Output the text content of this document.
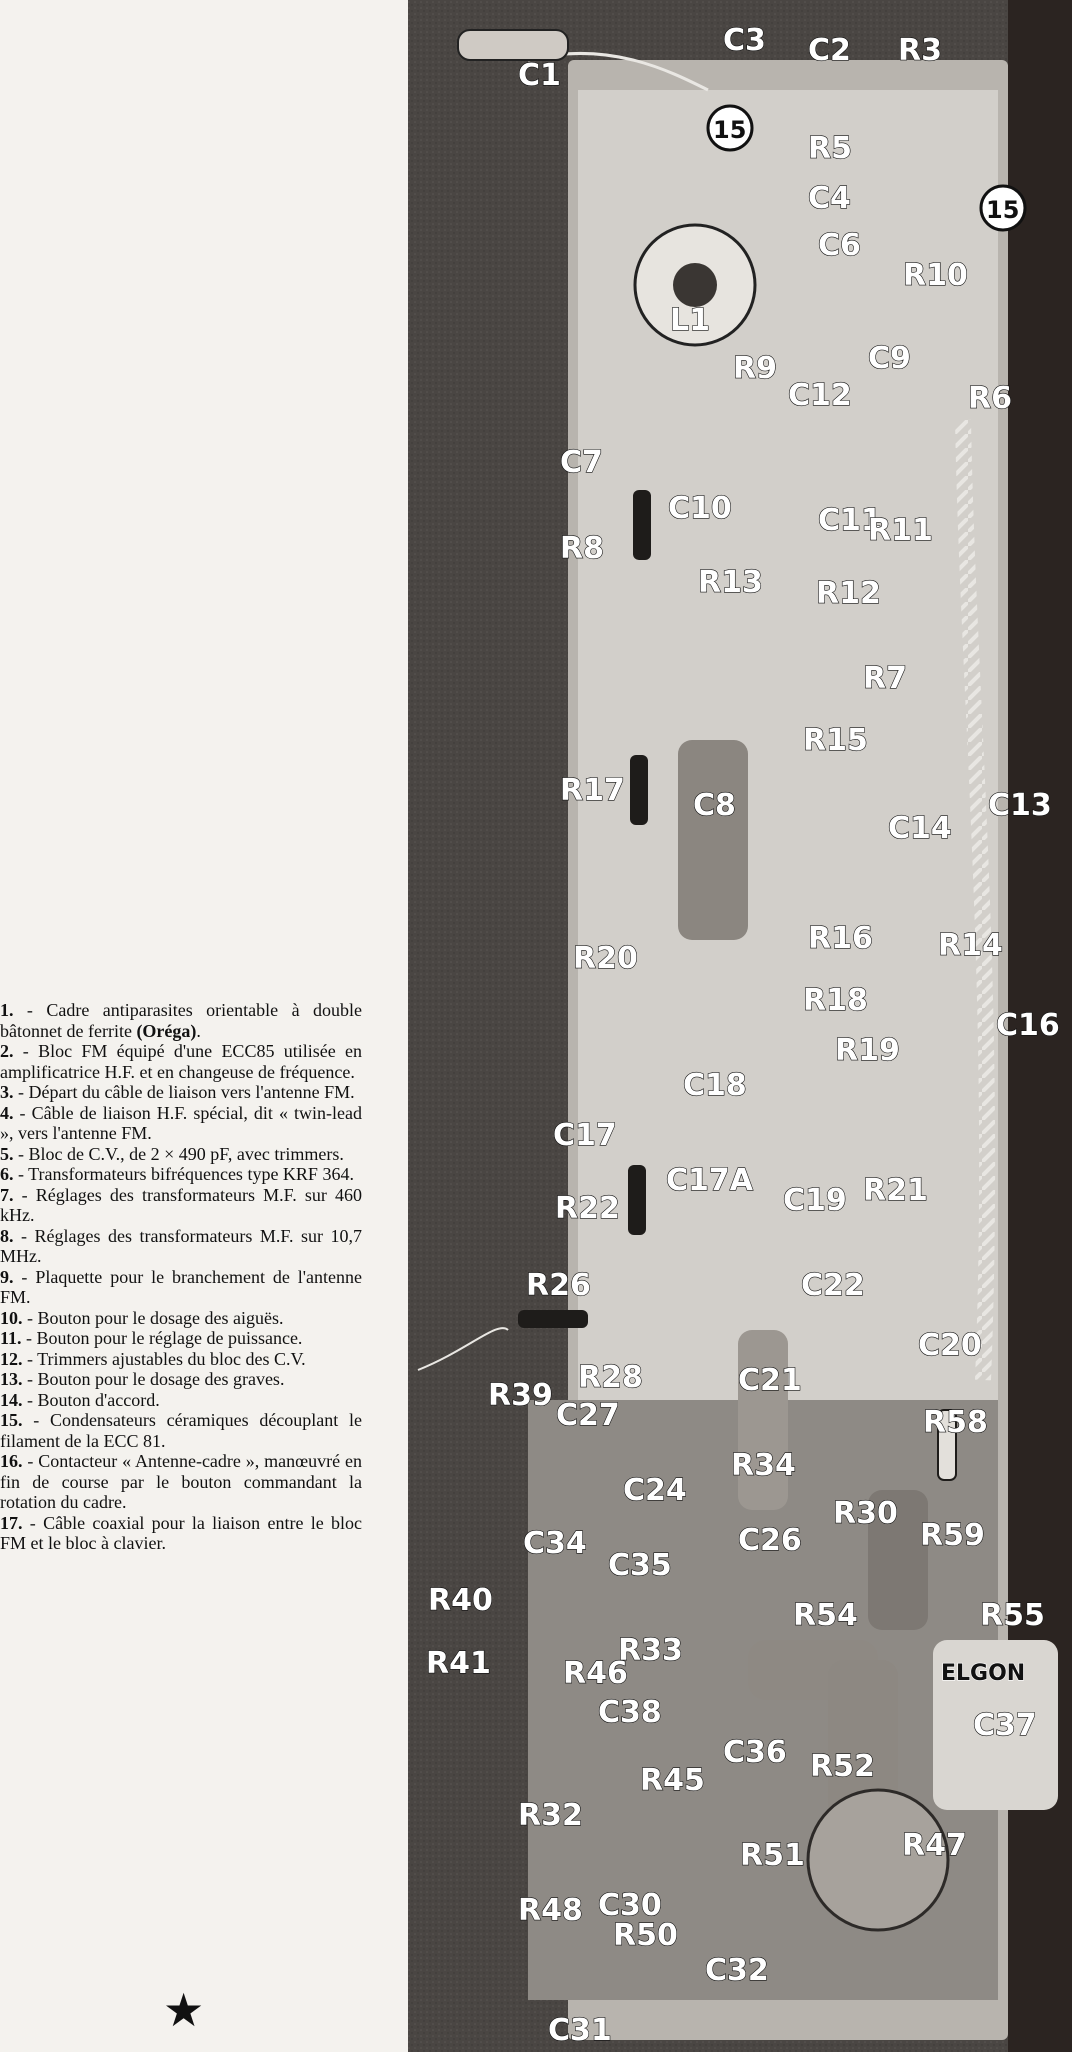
1. - Cadre antiparasites orientable à double bâtonnet de ferrite (Oréga).
2. - Bloc FM équipé d'une ECC85 utilisée en amplificatrice H.F. et en changeuse de fréquence.
3. - Départ du câble de liaison vers l'antenne FM.
4. - Câble de liaison H.F. spécial, dit « twin-lead », vers l'antenne FM.
5. - Bloc de C.V., de 2 × 490 pF, avec trimmers.
6. - Transformateurs bifréquences type KRF 364.
7. - Réglages des transformateurs M.F. sur 460 kHz.
8. - Réglages des transformateurs M.F. sur 10,7 MHz.
9. - Plaquette pour le branchement de l'antenne FM.
10. - Bouton pour le dosage des aiguës.
11. - Bouton pour le réglage de puissance.
12. - Trimmers ajustables du bloc des C.V.
13. - Bouton pour le dosage des graves.
14. - Bouton d'accord.
15. - Condensateurs céramiques découplant le filament de la ECC 81.
16. - Contacteur « Antenne-cadre », manœuvré en fin de course par le bouton commandant la rotation du cadre.
17. - Câble coaxial pour la liaison entre le bloc FM et le bloc à clavier.
★
ELGON
C1
C3 C2 R3
15
R5
C4	15
C6
R10
L1
R9
C12
C9
R6
C7
C10	C11
R11
R8
R13 R12
R7
R15
R17 C8
C14
C13
R16 R14
R20
R18
C16
R19
C18
C17
C17A
C19 R21
R22
R26	C22
C20
R28	C21
R39
C27	R58
R34
C24
R30
R59
C34	C26
C35
R40	R55
R54
R33
R41 R46
C38
C36
C37
R52
R45
R32
R47
R51
C30
R48
R50
C32
C31
